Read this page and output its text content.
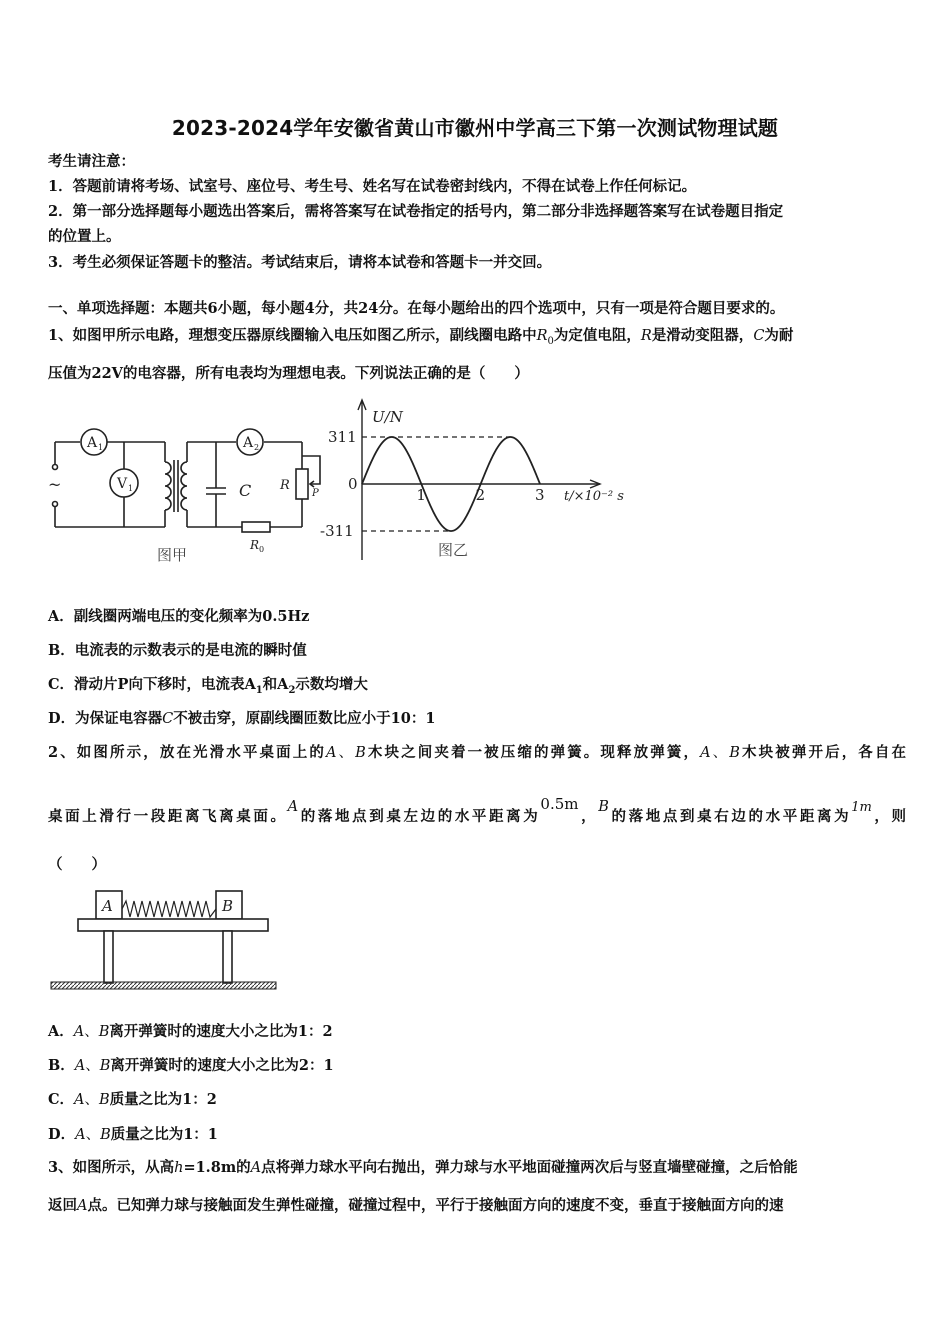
2023-2024学年安徽省黄山市徽州中学高三下第一次测试物理试题
考生请注意：
1．答题前请将考场、试室号、座位号、考生号、姓名写在试卷密封线内，不得在试卷上作任何标记。
2．第一部分选择题每小题选出答案后，需将答案写在试卷指定的括号内，第二部分非选择题答案写在试卷题目指定
的位置上。
3．考生必须保证答题卡的整洁。考试结束后，请将本试卷和答题卡一并交回。
一、单项选择题：本题共6小题，每小题4分，共24分。在每小题给出的四个选项中，只有一项是符合题目要求的。
1、如图甲所示电路，理想变压器原线圈输入电压如图乙所示，副线圈电路中$R_0$为定值电阻，R是滑动变阻器，C为耐
压值为22V的电容器，所有电表均为理想电表。下列说法正确的是（　　）
A 1	A 2
V 1
~	C R
P
R 0
图甲
0
1	2	3
311
-311
U/N
t/×10⁻² s
图乙
A．副线圈两端电压的变化频率为0.5Hz
B．电流表的示数表示的是电流的瞬时值
C．滑动片P向下移时，电流表$A_1$和$A_2$示数均增大
D．为保证电容器C不被击穿，原副线圈匝数比应小于10：1
2、如图所示，放在光滑水平桌面上的A、B木块之间夹着一被压缩的弹簧。现释放弹簧，A、B木块被弹开后，各自在
桌面上滑行一段距离飞离桌面。A的落地点到桌左边的水平距离为0.5m，B的落地点到桌右边的水平距离为1m，则
（　　）
A	B
A．A、B离开弹簧时的速度大小之比为1：2
B．A、B离开弹簧时的速度大小之比为2：1
C．A、B质量之比为1：2
D．A、B质量之比为1：1
3、如图所示，从高h=1.8m的A点将弹力球水平向右抛出，弹力球与水平地面碰撞两次后与竖直墙壁碰撞，之后恰能
返回A点。已知弹力球与接触面发生弹性碰撞，碰撞过程中，平行于接触面方向的速度不变，垂直于接触面方向的速
